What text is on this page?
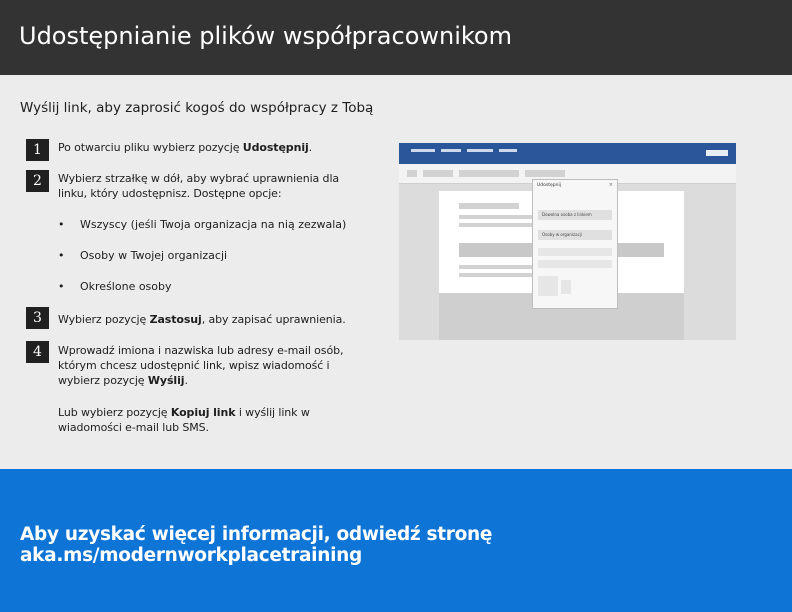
Udostępnianie plików współpracownikom
Wyślij link, aby zaprosić kogoś do współpracy z Tobą
1	Po otwarciu pliku wybierz pozycję Udostępnij.
2	Wybierz strzałkę w dół, aby wybrać uprawnienia dla linku, który udostępnisz. Dostępne opcje:
• Wszyscy (jeśli Twoja organizacja na nią zezwala)
• Osoby w Twojej organizacji
• Określone osoby
3	Wybierz pozycję Zastosuj, aby zapisać uprawnienia.
4	Wprowadź imiona i nazwiska lub adresy e-mail osób, którym chcesz udostępnić link, wpisz wiadomość i wybierz pozycję Wyślij.
Lub wybierz pozycję Kopiuj link i wyślij link w wiadomości e-mail lub SMS.
Udostępnij	×
Dowolna osoba z linkiem
Osoby w organizacji
Aby uzyskać więcej informacji, odwiedź stronę aka.ms/modernworkplacetraining
